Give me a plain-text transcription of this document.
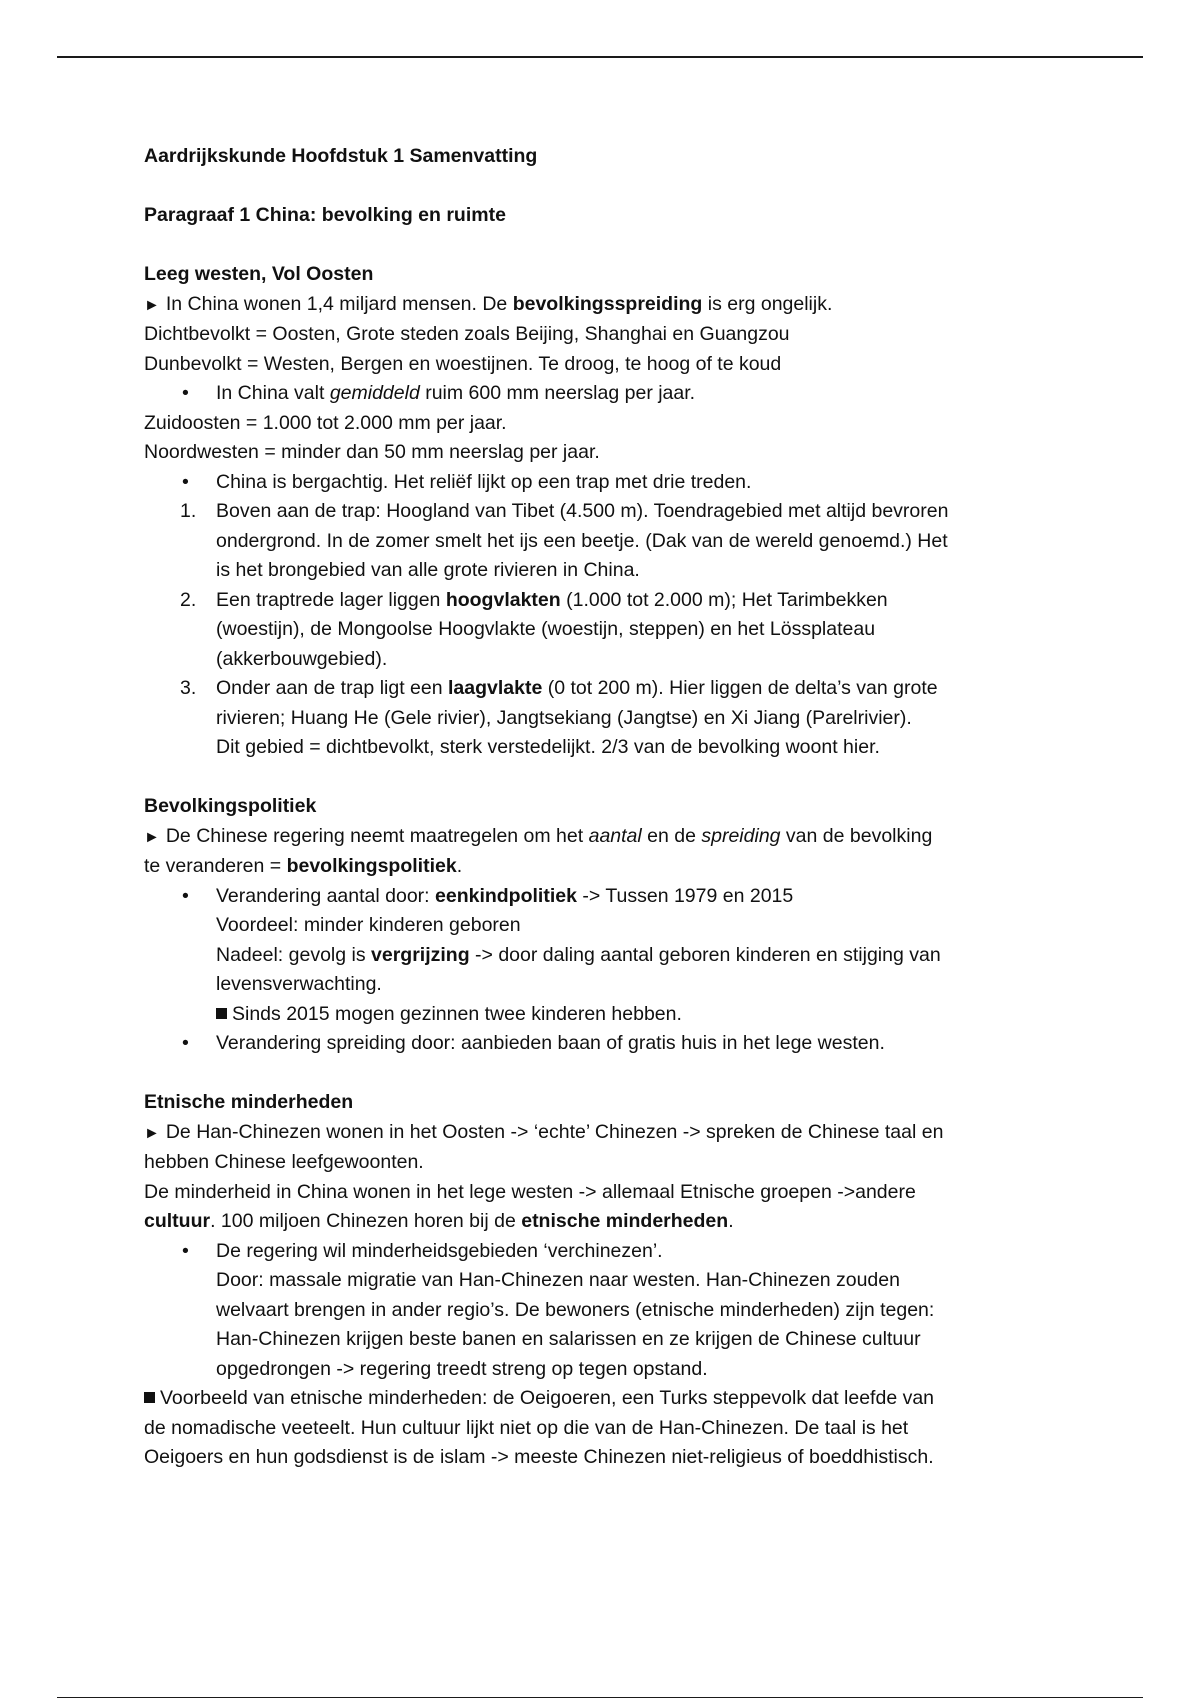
Aardrijkskunde Hoofdstuk 1 Samenvatting
Paragraaf 1 China: bevolking en ruimte
Leeg westen, Vol Oosten
► In China wonen 1,4 miljard mensen. De bevolkingsspreiding is erg ongelijk.
Dichtbevolkt = Oosten, Grote steden zoals Beijing, Shanghai en Guangzou
Dunbevolkt = Westen, Bergen en woestijnen. Te droog, te hoog of te koud
• In China valt gemiddeld ruim 600 mm neerslag per jaar.
Zuidoosten = 1.000 tot 2.000 mm per jaar.
Noordwesten = minder dan 50 mm neerslag per jaar.
• China is bergachtig. Het reliëf lijkt op een trap met drie treden.
1. Boven aan de trap: Hoogland van Tibet (4.500 m). Toendragebied met altijd bevroren
ondergrond. In de zomer smelt het ijs een beetje. (Dak van de wereld genoemd.) Het
is het brongebied van alle grote rivieren in China.
2. Een traptrede lager liggen hoogvlakten (1.000 tot 2.000 m); Het Tarimbekken
(woestijn), de Mongoolse Hoogvlakte (woestijn, steppen) en het Lössplateau
(akkerbouwgebied).
3. Onder aan de trap ligt een laagvlakte (0 tot 200 m). Hier liggen de delta’s van grote
rivieren; Huang He (Gele rivier), Jangtsekiang (Jangtse) en Xi Jiang (Parelrivier).
Dit gebied = dichtbevolkt, sterk verstedelijkt. 2/3 van de bevolking woont hier.
Bevolkingspolitiek
► De Chinese regering neemt maatregelen om het aantal en de spreiding van de bevolking
te veranderen = bevolkingspolitiek.
• Verandering aantal door: eenkindpolitiek -> Tussen 1979 en 2015
Voordeel: minder kinderen geboren
Nadeel: gevolg is vergrijzing -> door daling aantal geboren kinderen en stijging van
levensverwachting.
Sinds 2015 mogen gezinnen twee kinderen hebben.
• Verandering spreiding door: aanbieden baan of gratis huis in het lege westen.
Etnische minderheden
► De Han-Chinezen wonen in het Oosten -> ‘echte’ Chinezen -> spreken de Chinese taal en
hebben Chinese leefgewoonten.
De minderheid in China wonen in het lege westen -> allemaal Etnische groepen ->andere
cultuur. 100 miljoen Chinezen horen bij de etnische minderheden.
• De regering wil minderheidsgebieden ‘verchinezen’.
Door: massale migratie van Han-Chinezen naar westen. Han-Chinezen zouden
welvaart brengen in ander regio’s. De bewoners (etnische minderheden) zijn tegen:
Han-Chinezen krijgen beste banen en salarissen en ze krijgen de Chinese cultuur
opgedrongen -> regering treedt streng op tegen opstand.
Voorbeeld van etnische minderheden: de Oeigoeren, een Turks steppevolk dat leefde van
de nomadische veeteelt. Hun cultuur lijkt niet op die van de Han-Chinezen. De taal is het
Oeigoers en hun godsdienst is de islam -> meeste Chinezen niet-religieus of boeddhistisch.
